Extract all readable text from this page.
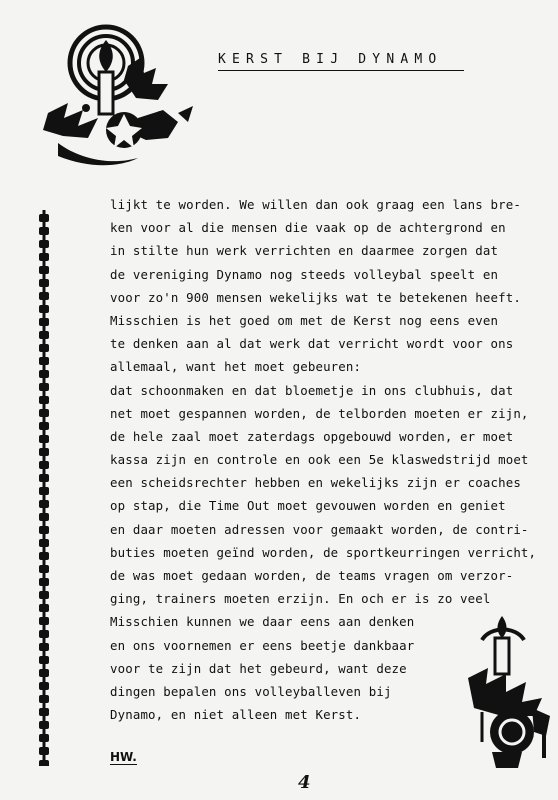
KERST BIJ DYNAMO
lijkt te worden. We willen dan ook graag een lans bre-
ken voor al die mensen die vaak op de achtergrond en
in stilte hun werk verrichten en daarmee zorgen dat
de vereniging Dynamo nog steeds volleybal speelt en
voor zo'n 900 mensen wekelijks wat te betekenen heeft.
Misschien is het goed om met de Kerst nog eens even
te denken aan al dat werk dat verricht wordt voor ons
allemaal, want het moet gebeuren:
dat schoonmaken en dat bloemetje in ons clubhuis, dat
net moet gespannen worden, de telborden moeten er zijn,
de hele zaal moet zaterdags opgebouwd worden, er moet
kassa zijn en controle en ook een 5e klaswedstrijd moet
een scheidsrechter hebben en wekelijks zijn er coaches
op stap, die Time Out moet gevouwen worden en geniet
en daar moeten adressen voor gemaakt worden, de contri-
buties moeten geïnd worden, de sportkeurringen verricht,
de was moet gedaan worden, de teams vragen om verzor-
ging, trainers moeten erzijn. En och er is zo veel
Misschien kunnen we daar eens aan denken
en ons voornemen er eens beetje dankbaar
voor te zijn dat het gebeurd, want deze
dingen bepalen ons volleyballeven bij
Dynamo, en niet alleen met Kerst.
HW.
4
